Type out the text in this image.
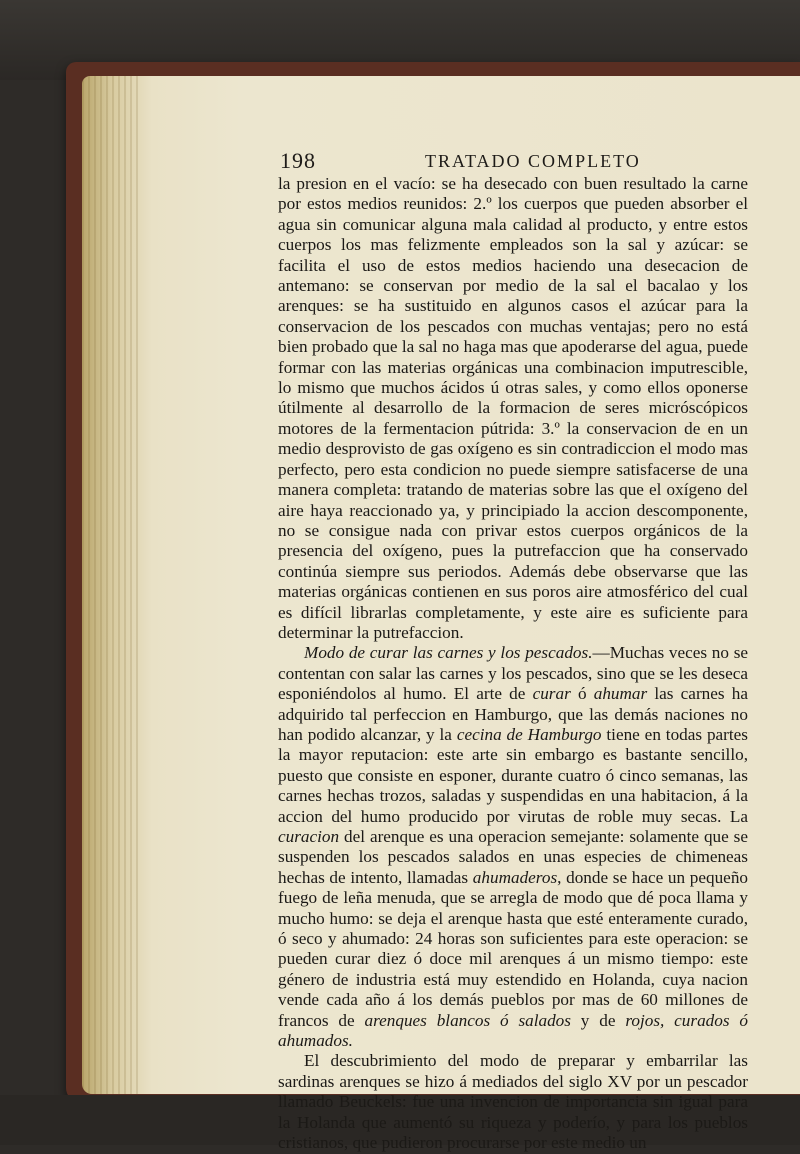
198	TRATADO COMPLETO

la presion en el vacío: se ha desecado con buen resultado la carne por estos medios reunidos: 2.º los cuerpos que pueden absorber el agua sin comunicar alguna mala calidad al producto, y entre estos cuerpos los mas felizmente empleados son la sal y azúcar: se facilita el uso de estos medios haciendo una desecacion de antemano: se conservan por medio de la sal el bacalao y los arenques: se ha sustituido en algunos casos el azúcar para la conservacion de los pescados con muchas ventajas; pero no está bien probado que la sal no haga mas que apoderarse del agua, puede formar con las materias orgánicas una combinacion imputrescible, lo mismo que muchos ácidos ú otras sales, y como ellos oponerse útilmente al desarrollo de la formacion de seres micróscópicos motores de la fermentacion pútrida: 3.º la conservacion de en un medio desprovisto de gas oxígeno es sin contradiccion el modo mas perfecto, pero esta condicion no puede siempre satisfacerse de una manera completa: tratando de materias sobre las que el oxígeno del aire haya reaccionado ya, y principiado la accion descomponente, no se consigue nada con privar estos cuerpos orgánicos de la presencia del oxígeno, pues la putrefaccion que ha conservado continúa siempre sus periodos. Además debe observarse que las materias orgánicas contienen en sus poros aire atmosférico del cual es difícil librarlas completamente, y este aire es suficiente para determinar la putrefaccion.

Modo de curar las carnes y los pescados.—Muchas veces no se contentan con salar las carnes y los pescados, sino que se les deseca esponiéndolos al humo. El arte de curar ó ahumar las carnes ha adquirido tal perfeccion en Hamburgo, que las demás naciones no han podido alcanzar, y la cecina de Hamburgo tiene en todas partes la mayor reputacion: este arte sin embargo es bastante sencillo, puesto que consiste en esponer, durante cuatro ó cinco semanas, las carnes hechas trozos, saladas y suspendidas en una habitacion, á la accion del humo producido por virutas de roble muy secas. La curacion del arenque es una operacion semejante: solamente que se suspenden los pescados salados en unas especies de chimeneas hechas de intento, llamadas ahumaderos, donde se hace un pequeño fuego de leña menuda, que se arregla de modo que dé poca llama y mucho humo: se deja el arenque hasta que esté enteramente curado, ó seco y ahumado: 24 horas son suficientes para este operacion: se pueden curar diez ó doce mil arenques á un mismo tiempo: este género de industria está muy estendido en Holanda, cuya nacion vende cada año á los demás pueblos por mas de 60 millones de francos de arenques blancos ó salados y de rojos, curados ó ahumados.

El descubrimiento del modo de preparar y embarrilar las sardinas arenques se hizo á mediados del siglo XV por un pescador llamado Beuckels: fue una invencion de importancia sin igual para la Holanda que aumentó su riqueza y poderío, y para los pueblos cristianos, que pudieron procurarse por este medio un
